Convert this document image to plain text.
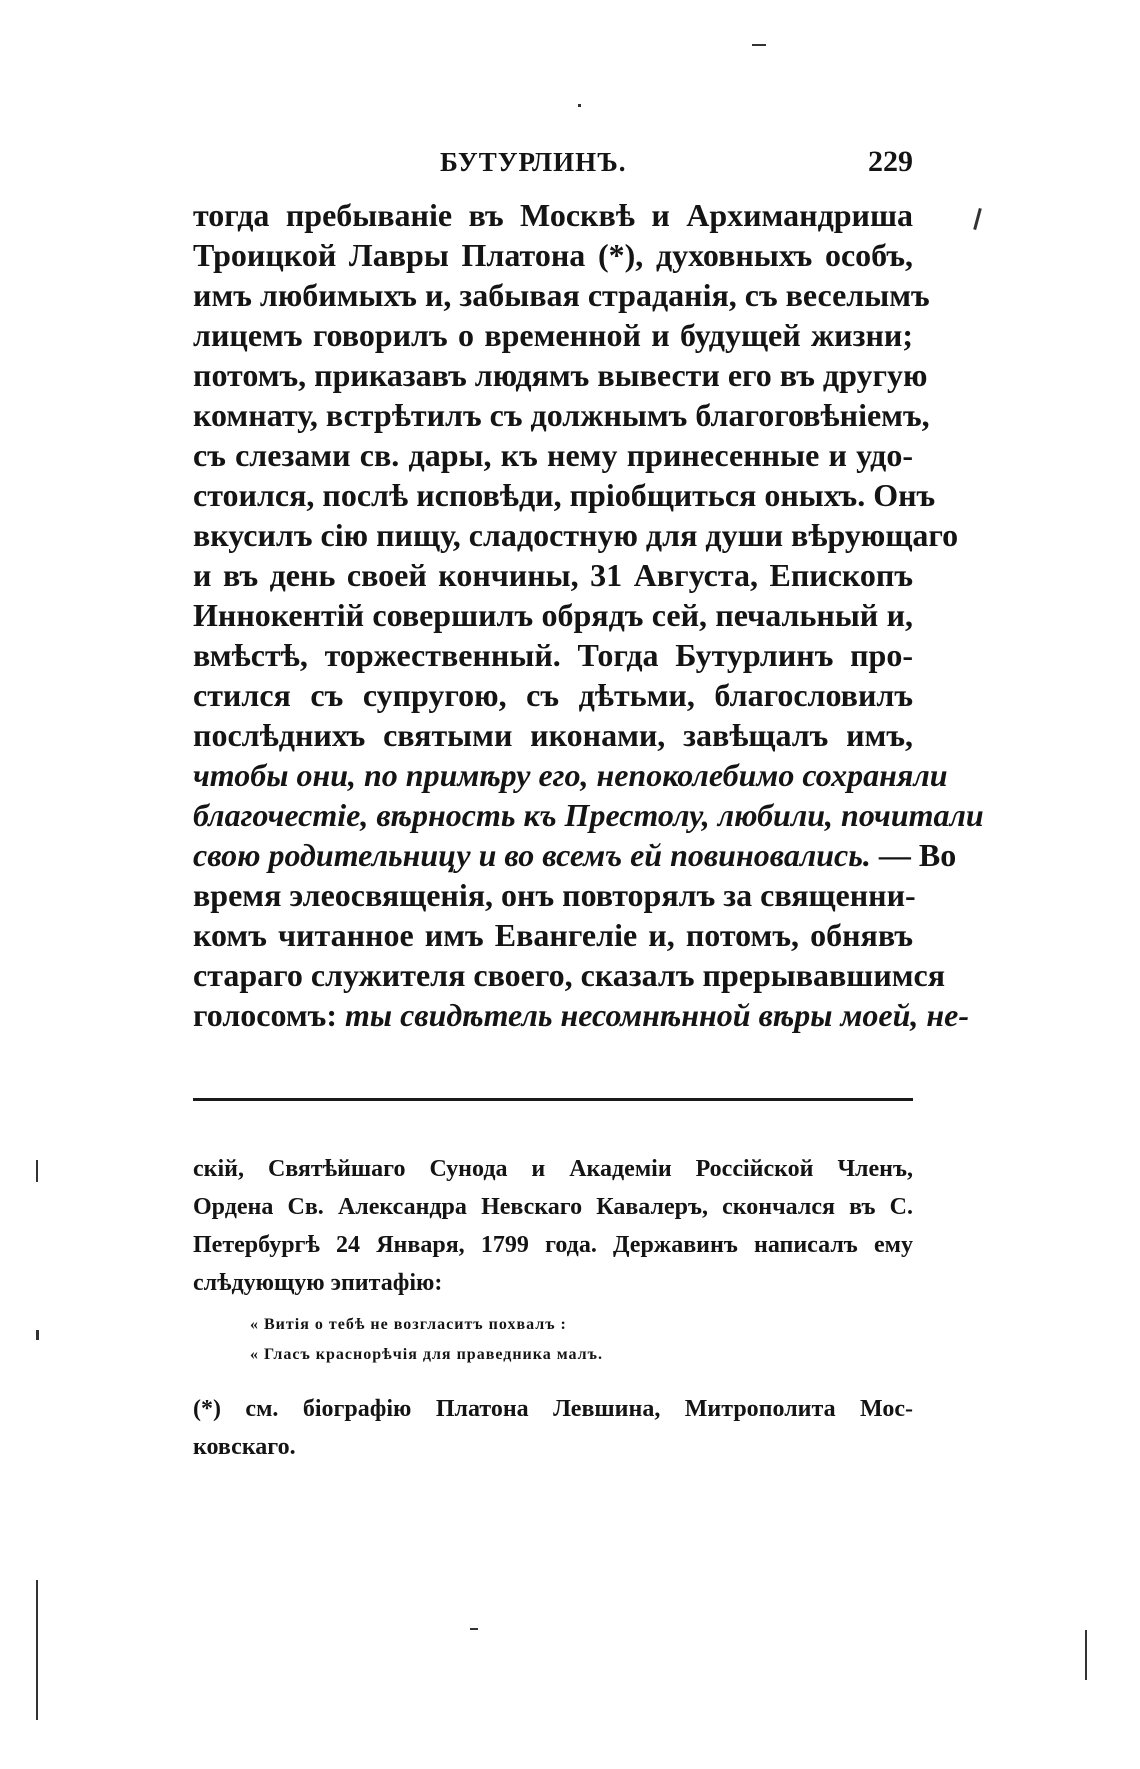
БУТУРЛИНЪ.	229
тогда пребываніе въ Москвѣ и Архимандриша
Троицкой Лавры Платона (*), духовныхъ особъ,
имъ любимыхъ и, забывая страданія, съ веселымъ
лицемъ говорилъ о временной и будущей жизни;
потомъ, приказавъ людямъ вывести его въ другую
комнату, встрѣтилъ съ должнымъ благоговѣніемъ,
съ слезами св. дары, къ нему принесенные и удо-
стоился, послѣ исповѣди, пріобщиться оныхъ. Онъ
вкусилъ сію пищу, сладостную для души вѣрующаго
и въ день своей кончины, 31 Августа, Епископъ
Иннокентій совершилъ обрядъ сей, печальный и,
вмѣстѣ, торжественный. Тогда Бутурлинъ про-
стился съ супругою, съ дѣтьми, благословилъ
послѣднихъ святыми иконами, завѣщалъ имъ,
чтобы они, по примѣру его, непоколебимо сохраняли
благочестіе, вѣрность къ Престолу, любили, почитали
свою родительницу и во всемъ ей повиновались. — Во
время элеосвященія, онъ повторялъ за священни-
комъ читанное имъ Евангеліе и, потомъ, обнявъ
стараго служителя своего, сказалъ прерывавшимся
голосомъ: ты свидѣтель несомнѣнной вѣры моей, не-
скій, Святѣйшаго Сунода и Академіи Россійской Членъ,
Ордена Св. Александра Невскаго Кавалеръ, скончался въ С.
Петербургѣ 24 Января, 1799 года. Державинъ написалъ ему
слѣдующую эпитафію:
« Витія о тебѣ не возгласитъ похвалъ :
« Гласъ краснорѣчія для праведника малъ.
(*) см. біографію Платона Левшина, Митрополита Мос-
ковскаго.
